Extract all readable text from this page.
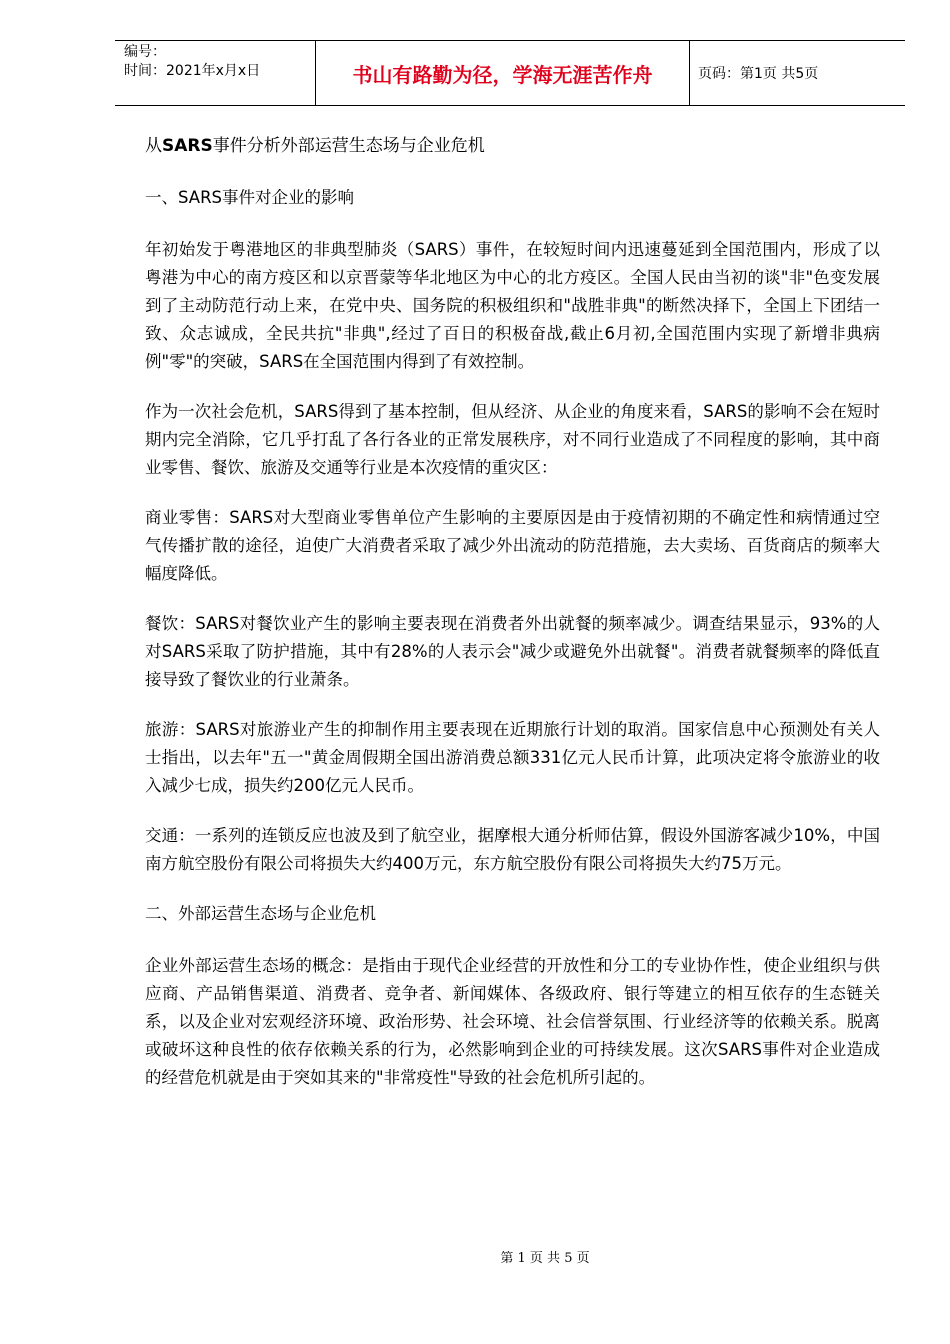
编号：
时间：2021年x月x日	书山有路勤为径，学海无涯苦作舟	页码：第1页 共5页
从SARS事件分析外部运营生态场与企业危机
一、SARS事件对企业的影响

年初始发于粤港地区的非典型肺炎（SARS）事件，在较短时间内迅速蔓延到全国范围内，形成了以粤港为中心的南方疫区和以京晋蒙等华北地区为中心的北方疫区。全国人民由当初的谈"非"色变发展到了主动防范行动上来，在党中央、国务院的积极组织和"战胜非典"的断然决择下，全国上下团结一致、众志诚成，全民共抗"非典",经过了百日的积极奋战,截止6月初,全国范围内实现了新增非典病例"零"的突破，SARS在全国范围内得到了有效控制。

作为一次社会危机，SARS得到了基本控制，但从经济、从企业的角度来看，SARS的影响不会在短时期内完全消除，它几乎打乱了各行各业的正常发展秩序，对不同行业造成了不同程度的影响，其中商业零售、餐饮、旅游及交通等行业是本次疫情的重灾区：

商业零售：SARS对大型商业零售单位产生影响的主要原因是由于疫情初期的不确定性和病情通过空气传播扩散的途径，迫使广大消费者采取了减少外出流动的防范措施，去大卖场、百货商店的频率大幅度降低。

餐饮：SARS对餐饮业产生的影响主要表现在消费者外出就餐的频率减少。调查结果显示，93%的人对SARS采取了防护措施，其中有28%的人表示会"减少或避免外出就餐"。消费者就餐频率的降低直接导致了餐饮业的行业萧条。

旅游：SARS对旅游业产生的抑制作用主要表现在近期旅行计划的取消。国家信息中心预测处有关人士指出，以去年"五一"黄金周假期全国出游消费总额331亿元人民币计算，此项决定将令旅游业的收入减少七成，损失约200亿元人民币。

交通：一系列的连锁反应也波及到了航空业，据摩根大通分析师估算，假设外国游客减少10%，中国南方航空股份有限公司将损失大约400万元，东方航空股份有限公司将损失大约75万元。

二、外部运营生态场与企业危机

企业外部运营生态场的概念：是指由于现代企业经营的开放性和分工的专业协作性，使企业组织与供应商、产品销售渠道、消费者、竞争者、新闻媒体、各级政府、银行等建立的相互依存的生态链关系，以及企业对宏观经济环境、政治形势、社会环境、社会信誉氛围、行业经济等的依赖关系。脱离或破坏这种良性的依存依赖关系的行为，必然影响到企业的可持续发展。这次SARS事件对企业造成的经营危机就是由于突如其来的"非常疫性"导致的社会危机所引起的。

第 1 页 共 5 页
